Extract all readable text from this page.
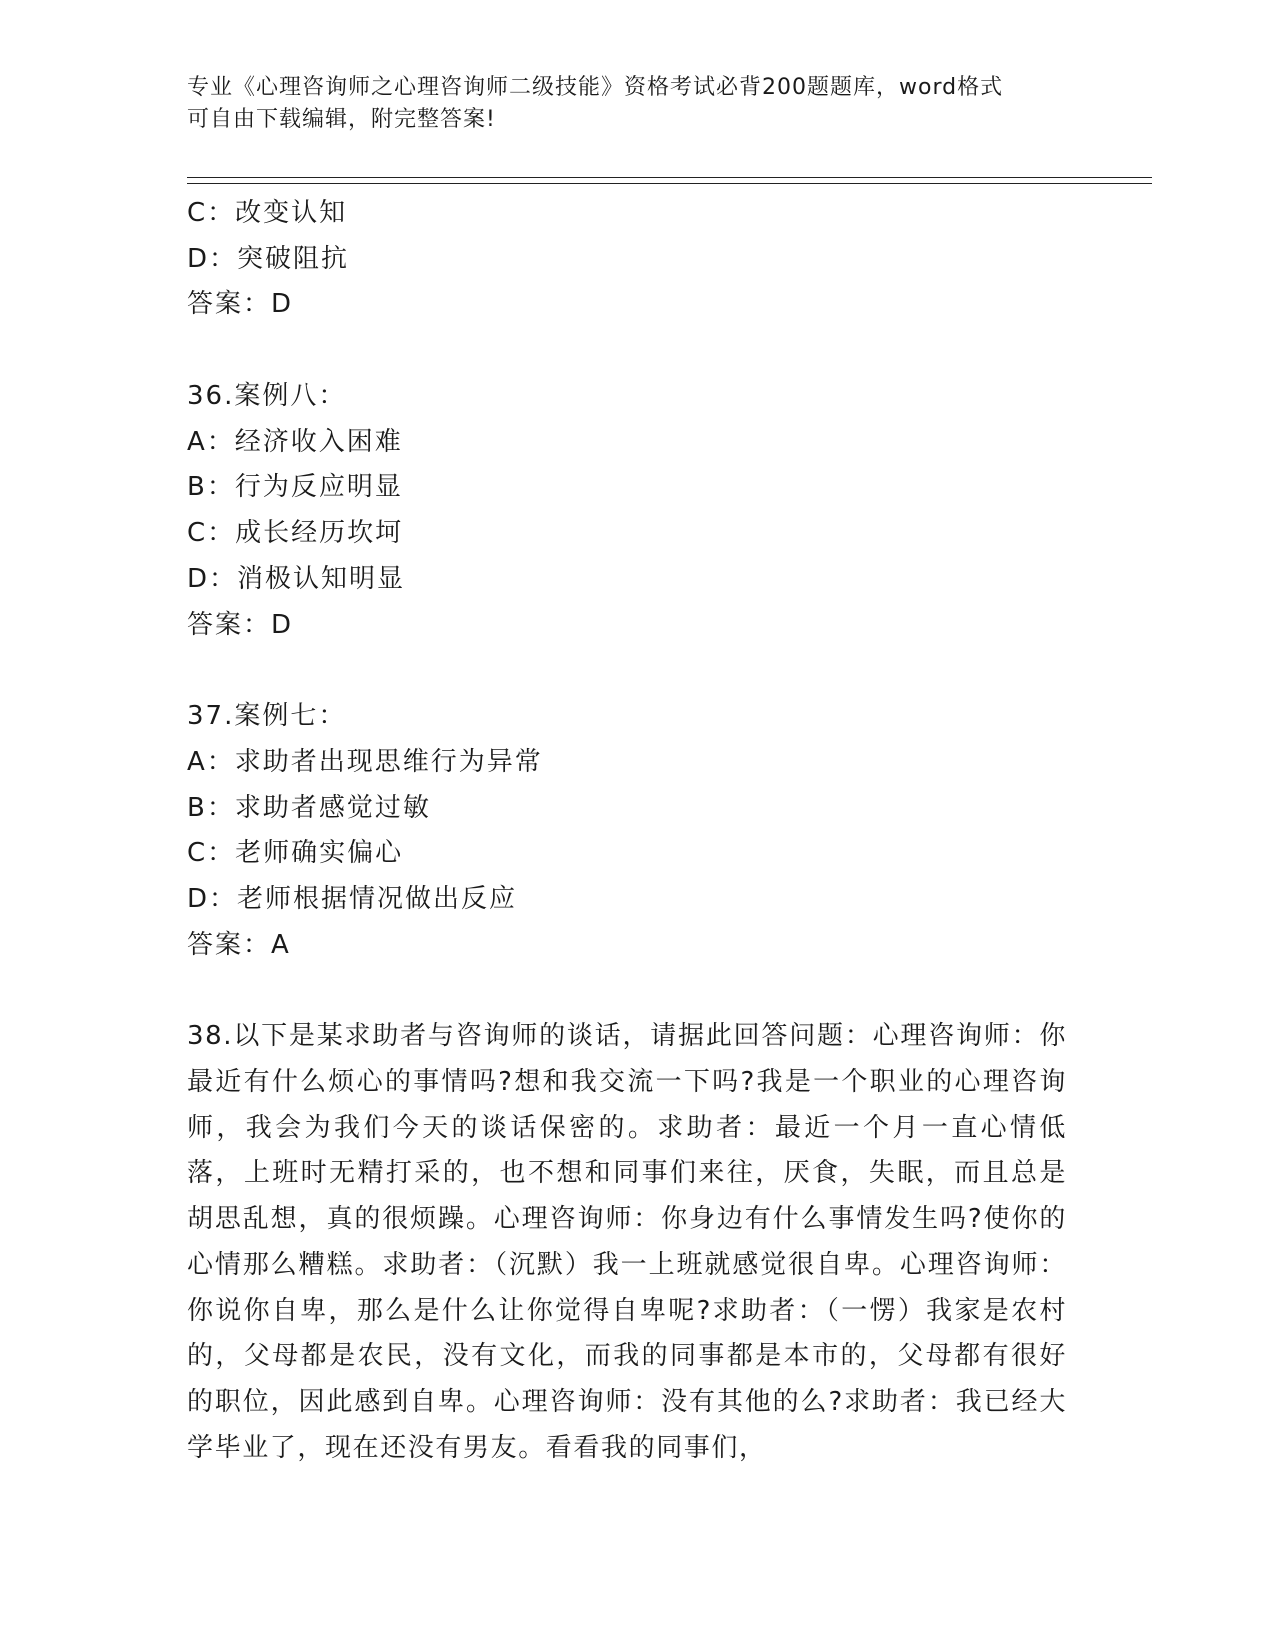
专业《心理咨询师之心理咨询师二级技能》资格考试必背200题题库，word格式
可自由下载编辑，附完整答案!
C：改变认知
D：突破阻抗
答案：D
36.案例八：
A：经济收入困难
B：行为反应明显
C：成长经历坎坷
D：消极认知明显
答案：D
37.案例七：
A：求助者出现思维行为异常
B：求助者感觉过敏
C：老师确实偏心
D：老师根据情况做出反应
答案：A
38.以下是某求助者与咨询师的谈话，请据此回答问题：心理咨询师：你最近有什么烦心的事情吗?想和我交流一下吗?我是一个职业的心理咨询师，我会为我们今天的谈话保密的。求助者：最近一个月一直心情低落，上班时无精打采的，也不想和同事们来往，厌食，失眠，而且总是胡思乱想，真的很烦躁。心理咨询师：你身边有什么事情发生吗?使你的心情那么糟糕。求助者：（沉默）我一上班就感觉很自卑。心理咨询师：你说你自卑，那么是什么让你觉得自卑呢?求助者：（一愣）我家是农村的，父母都是农民，没有文化，而我的同事都是本市的，父母都有很好的职位，因此感到自卑。心理咨询师：没有其他的么?求助者：我已经大学毕业了，现在还没有男友。看看我的同事们，
